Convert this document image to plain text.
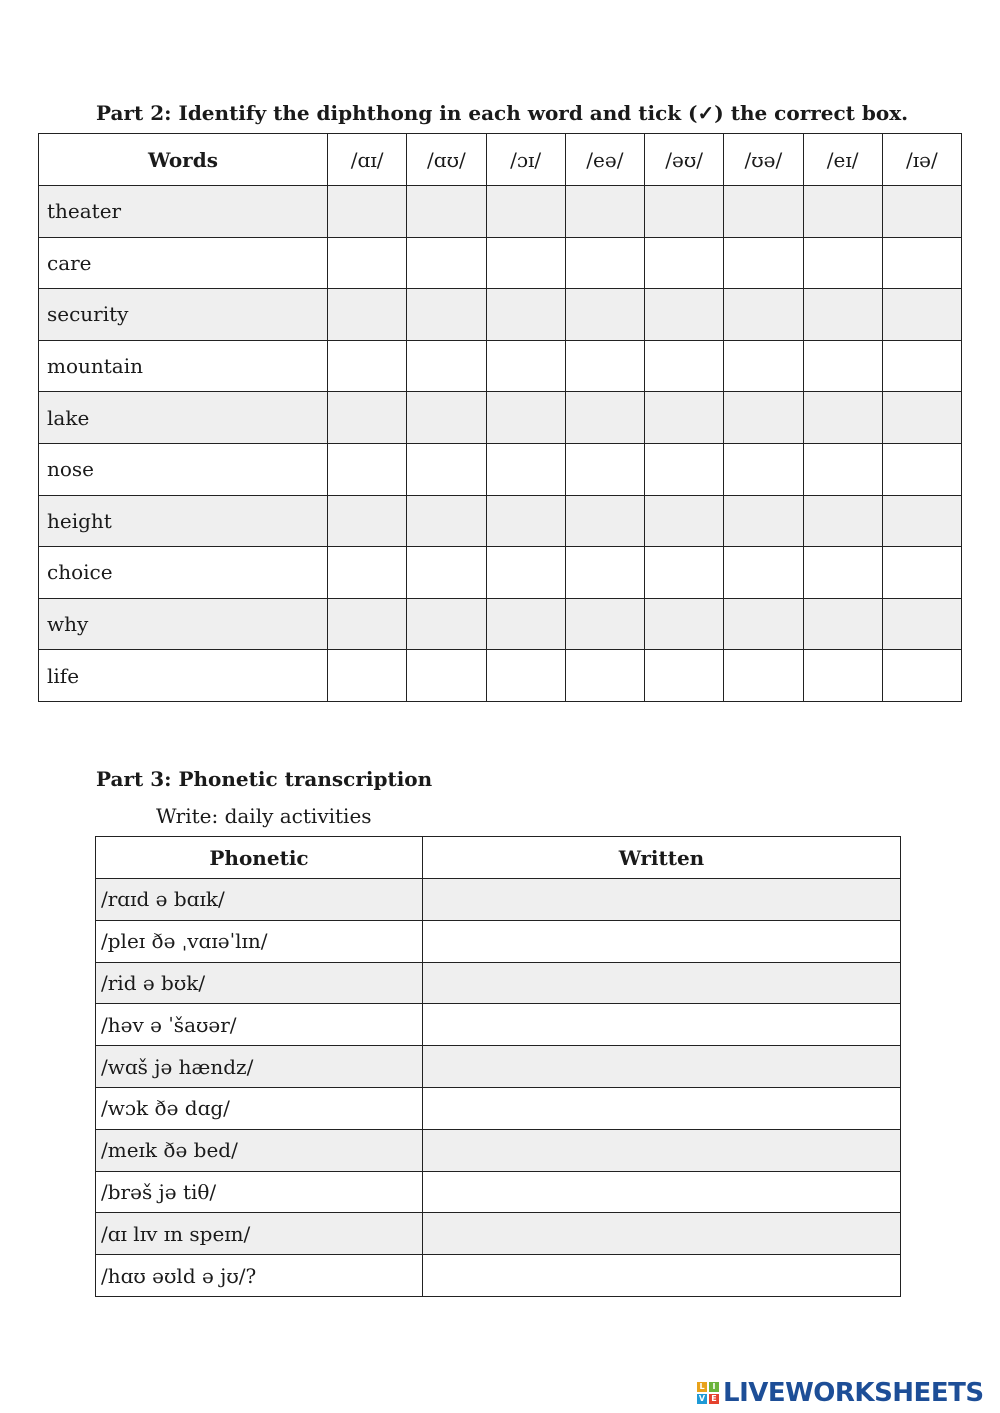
Part 2: Identify the diphthong in each word and tick (✓) the correct box.
Words	/ɑɪ/	/ɑʊ/	/ɔɪ/	/eə/	/əʊ/	/ʊə/	/eɪ/	/ɪə/
theater								
care								
security								
mountain								
lake								
nose								
height								
choice								
why								
life								
Part 3: Phonetic transcription
Write: daily activities
Phonetic	Written
/rɑɪd ə bɑɪk/	
/pleɪ ðə ˌvɑɪəˈlɪn/	
/rid ə bʊk/	
/həv ə ˈšaʊər/	
/wɑš jə hændz/	
/wɔk ðə dɑg/	
/meɪk ðə bed/	
/brəš jə tiθ/	
/ɑɪ lɪv ɪn speɪn/	
/hɑʊ əʊld ə jʊ/?	
L I
V E LIVEWORKSHEETS
